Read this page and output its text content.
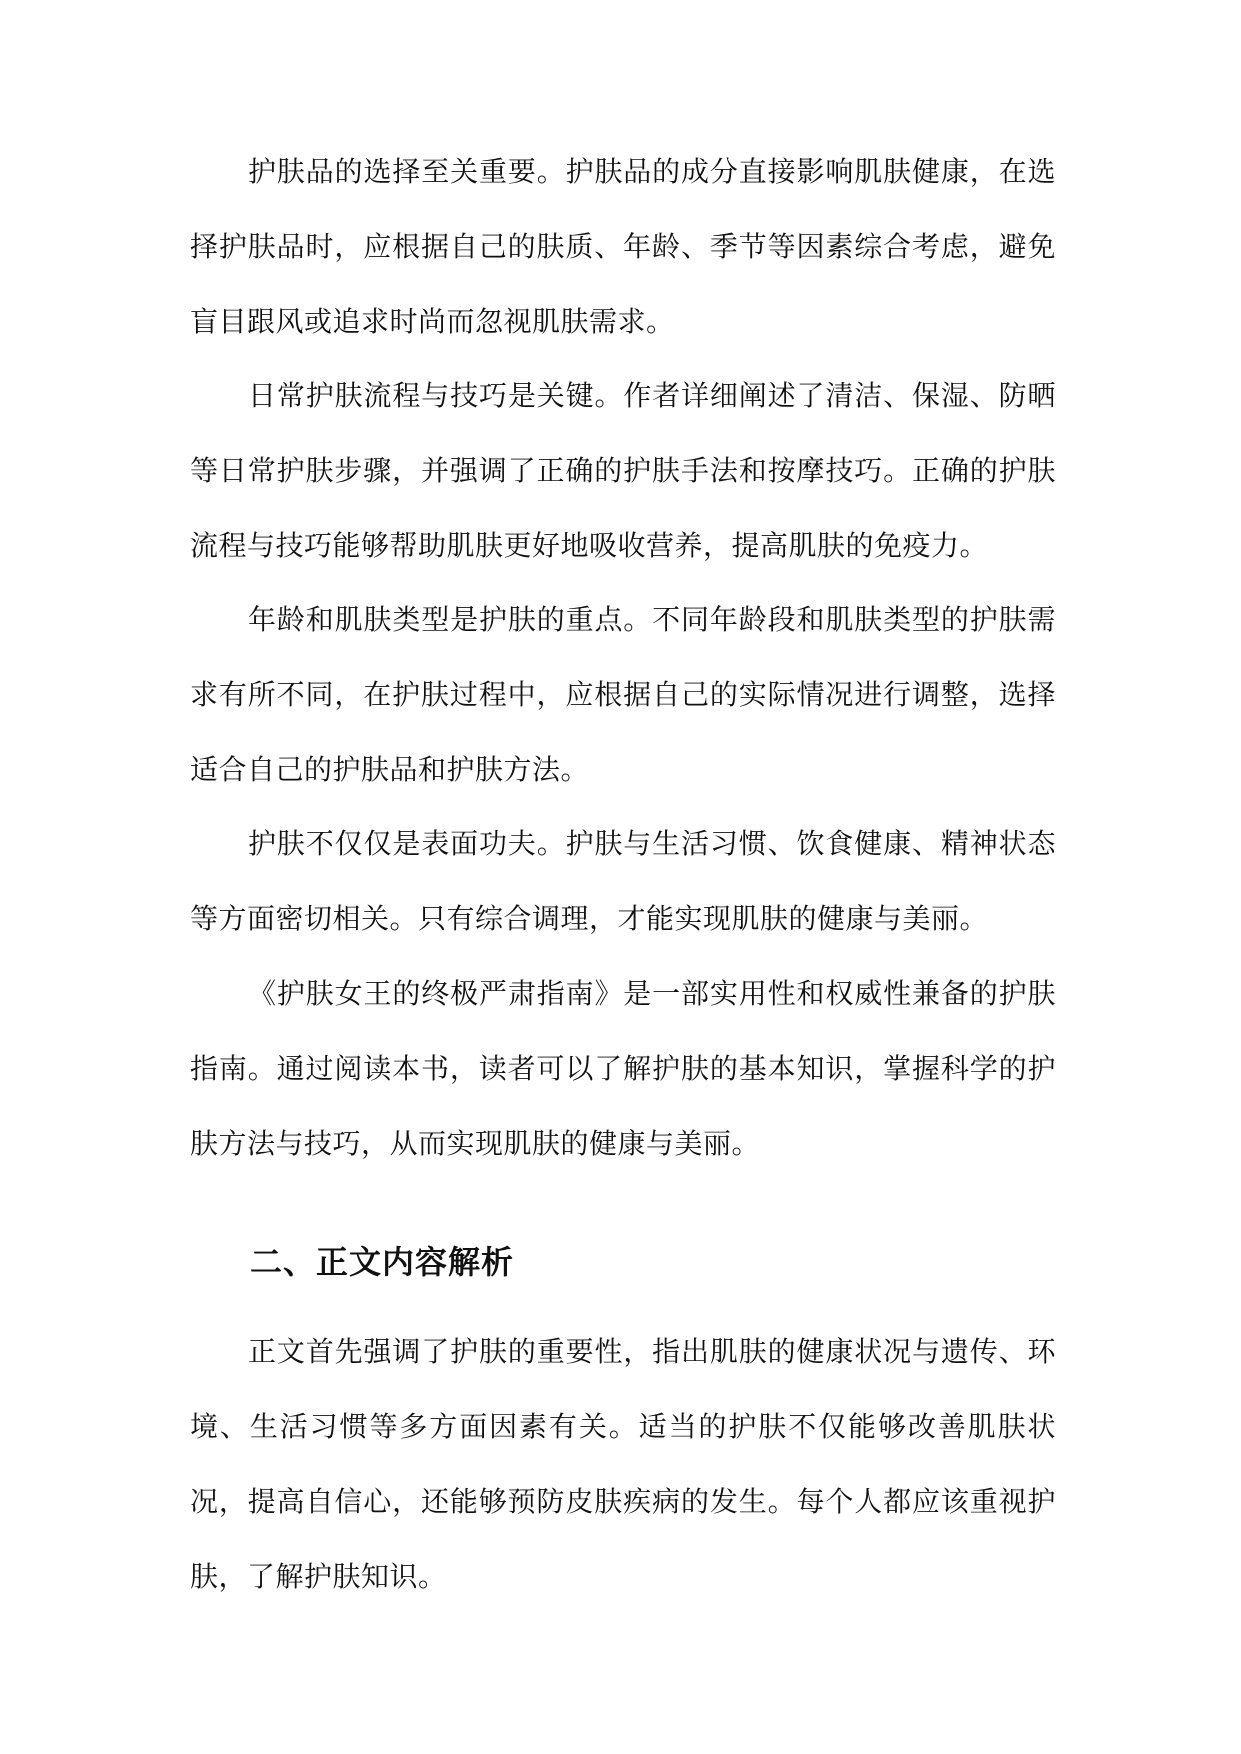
护肤品的选择至关重要。护肤品的成分直接影响肌肤健康，在选择护肤品时，应根据自己的肤质、年龄、季节等因素综合考虑，避免盲目跟风或追求时尚而忽视肌肤需求。

日常护肤流程与技巧是关键。作者详细阐述了清洁、保湿、防晒等日常护肤步骤，并强调了正确的护肤手法和按摩技巧。正确的护肤流程与技巧能够帮助肌肤更好地吸收营养，提高肌肤的免疫力。

年龄和肌肤类型是护肤的重点。不同年龄段和肌肤类型的护肤需求有所不同，在护肤过程中，应根据自己的实际情况进行调整，选择适合自己的护肤品和护肤方法。

护肤不仅仅是表面功夫。护肤与生活习惯、饮食健康、精神状态等方面密切相关。只有综合调理，才能实现肌肤的健康与美丽。

《护肤女王的终极严肃指南》是一部实用性和权威性兼备的护肤指南。通过阅读本书，读者可以了解护肤的基本知识，掌握科学的护肤方法与技巧，从而实现肌肤的健康与美丽。

二、正文内容解析

正文首先强调了护肤的重要性，指出肌肤的健康状况与遗传、环境、生活习惯等多方面因素有关。适当的护肤不仅能够改善肌肤状况，提高自信心，还能够预防皮肤疾病的发生。每个人都应该重视护肤，了解护肤知识。
